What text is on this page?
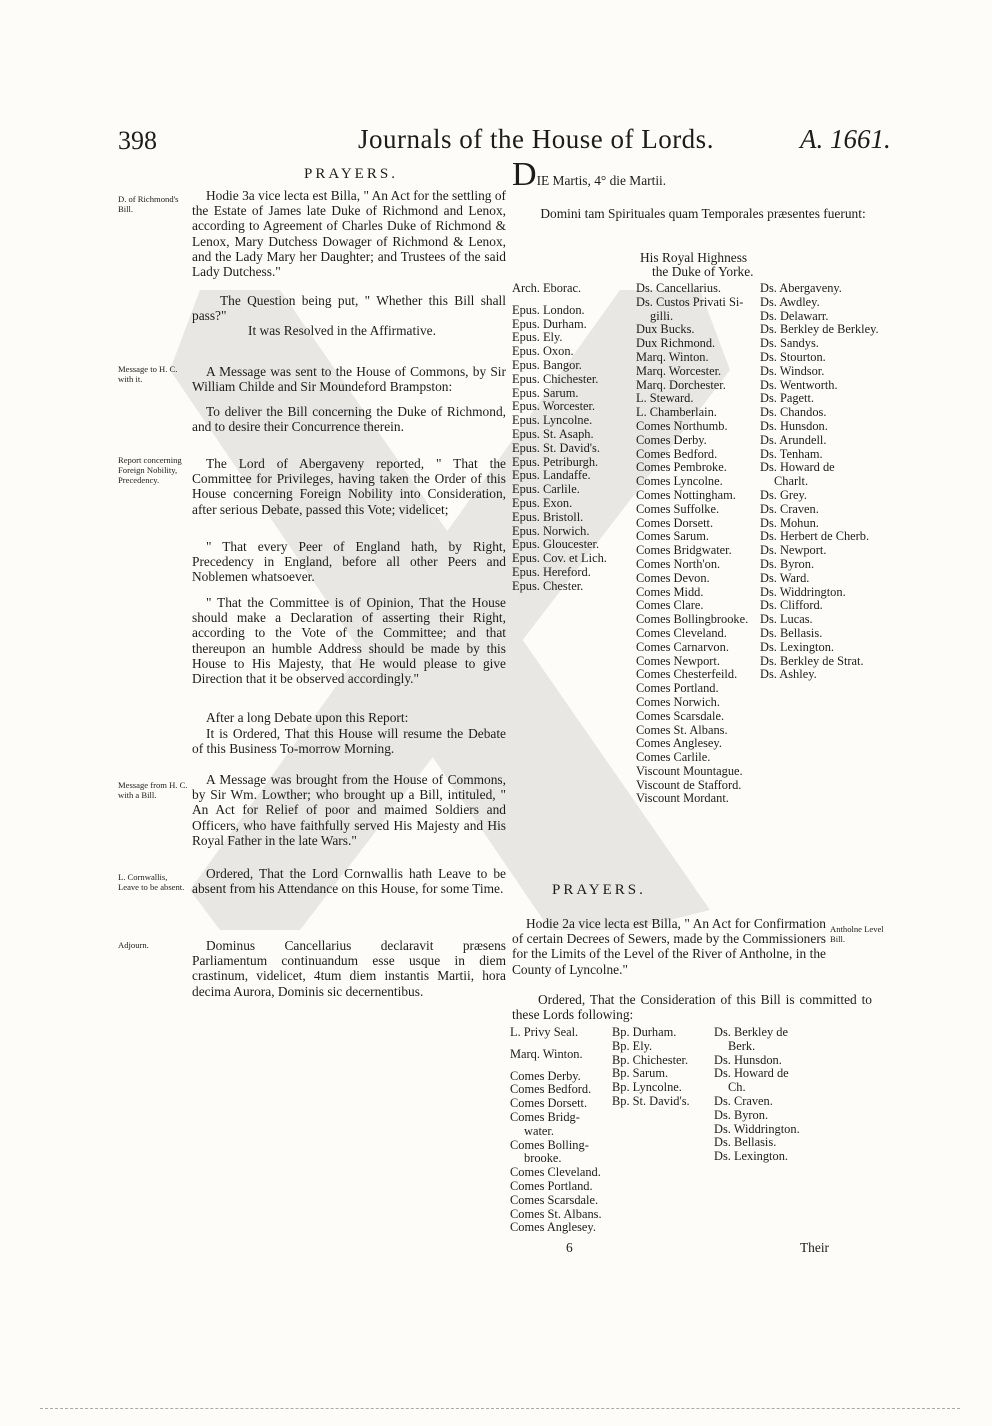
398	Journals of the House of Lords.	A. 1661.
PRAYERS.
D. of Richmond's Bill.
Hodie 3a vice lecta est Billa, " An Act for the settling of the Estate of James late Duke of Richmond and Lenox, according to Agreement of Charles Duke of Richmond & Lenox, Mary Dutchess Dowager of Richmond & Lenox, and the Lady Mary her Daughter; and Trustees of the said Lady Dutchess."
The Question being put, " Whether this Bill shall pass?"
It was Resolved in the Affirmative.
Message to H. C. with it.	A Message was sent to the House of Commons, by Sir William Childe and Sir Moundeford Brampston:
To deliver the Bill concerning the Duke of Richmond, and to desire their Concurrence therein.
Report concerning Foreign Nobility, Precedency.
The Lord of Abergaveny reported, " That the Committee for Privileges, having taken the Order of this House concerning Foreign Nobility into Consideration, after serious Debate, passed this Vote; videlicet;
" That every Peer of England hath, by Right, Precedency in England, before all other Peers and Noblemen whatsoever.
" That the Committee is of Opinion, That the House should make a Declaration of asserting their Right, according to the Vote of the Committee; and that thereupon an humble Address should be made by this House to His Majesty, that He would please to give Direction that it be observed accordingly."
After a long Debate upon this Report:
It is Ordered, That this House will resume the Debate of this Business To-morrow Morning.
Message from H. C. with a Bill.
A Message was brought from the House of Commons, by Sir Wm. Lowther; who brought up a Bill, intituled, " An Act for Relief of poor and maimed Soldiers and Officers, who have faithfully served His Majesty and His Royal Father in the late Wars."
L. Cornwallis, Leave to be absent.
Ordered, That the Lord Cornwallis hath Leave to be absent from his Attendance on this House, for some Time.
Adjourn.	Dominus Cancellarius declaravit præsens Parliamentum continuandum esse usque in diem crastinum, videlicet, 4tum diem instantis Martii, hora decima Aurora, Dominis sic decernentibus.
DIE Martis, 4° die Martii.
Domini tam Spirituales quam Temporales præsentes fuerunt:
His Royal Highness
the Duke of Yorke.
Arch. Eborac.
Epus. London.
Epus. Durham.
Epus. Ely.
Epus. Oxon.
Epus. Bangor.
Epus. Chichester.
Epus. Sarum.
Epus. Worcester.
Epus. Lyncolne.
Epus. St. Asaph.
Epus. St. David's.
Epus. Petriburgh.
Epus. Landaffe.
Epus. Carlile.
Epus. Exon.
Epus. Bristoll.
Epus. Norwich.
Epus. Gloucester.
Epus. Cov. et Lich.
Epus. Hereford.
Epus. Chester.
Ds. Cancellarius.
Ds. Custos Privati Si-
gilli.
Dux Bucks.
Dux Richmond.
Marq. Winton.
Marq. Worcester.
Marq. Dorchester.
L. Steward.
L. Chamberlain.
Comes Northumb.
Comes Derby.
Comes Bedford.
Comes Pembroke.
Comes Lyncolne.
Comes Nottingham.
Comes Suffolke.
Comes Dorsett.
Comes Sarum.
Comes Bridgwater.
Comes North'on.
Comes Devon.
Comes Midd.
Comes Clare.
Comes Bollingbrooke.
Comes Cleveland.
Comes Carnarvon.
Comes Newport.
Comes Chesterfeild.
Comes Portland.
Comes Norwich.
Comes Scarsdale.
Comes St. Albans.
Comes Anglesey.
Comes Carlile.
Viscount Mountague.
Viscount de Stafford.
Viscount Mordant.
Ds. Abergaveny.
Ds. Awdley.
Ds. Delawarr.
Ds. Berkley de Berkley.
Ds. Sandys.
Ds. Stourton.
Ds. Windsor.
Ds. Wentworth.
Ds. Pagett.
Ds. Chandos.
Ds. Hunsdon.
Ds. Arundell.
Ds. Tenham.
Ds. Howard de
Charlt.
Ds. Grey.
Ds. Craven.
Ds. Mohun.
Ds. Herbert de Cherb.
Ds. Newport.
Ds. Byron.
Ds. Ward.
Ds. Widdrington.
Ds. Clifford.
Ds. Lucas.
Ds. Bellasis.
Ds. Lexington.
Ds. Berkley de Strat.
Ds. Ashley.
PRAYERS.
Hodie 2a vice lecta est Billa, " An Act for Confirmation of certain Decrees of Sewers, made by the Commissioners for the Limits of the Level of the River of Antholne, in the County of Lyncolne."
Antholne Level Bill.
Ordered, That the Consideration of this Bill is committed to these Lords following:
L. Privy Seal.
Marq. Winton.
Comes Derby.
Comes Bedford.
Comes Dorsett.
Comes Bridg-
water.
Comes Bolling-
brooke.
Comes Cleveland.
Comes Portland.
Comes Scarsdale.
Comes St. Albans.
Comes Anglesey.
Bp. Durham.
Bp. Ely.
Bp. Chichester.
Bp. Sarum.
Bp. Lyncolne.
Bp. St. David's.
Ds. Berkley de
Berk.
Ds. Hunsdon.
Ds. Howard de
Ch.
Ds. Craven.
Ds. Byron.
Ds. Widdrington.
Ds. Bellasis.
Ds. Lexington.
6	Their
